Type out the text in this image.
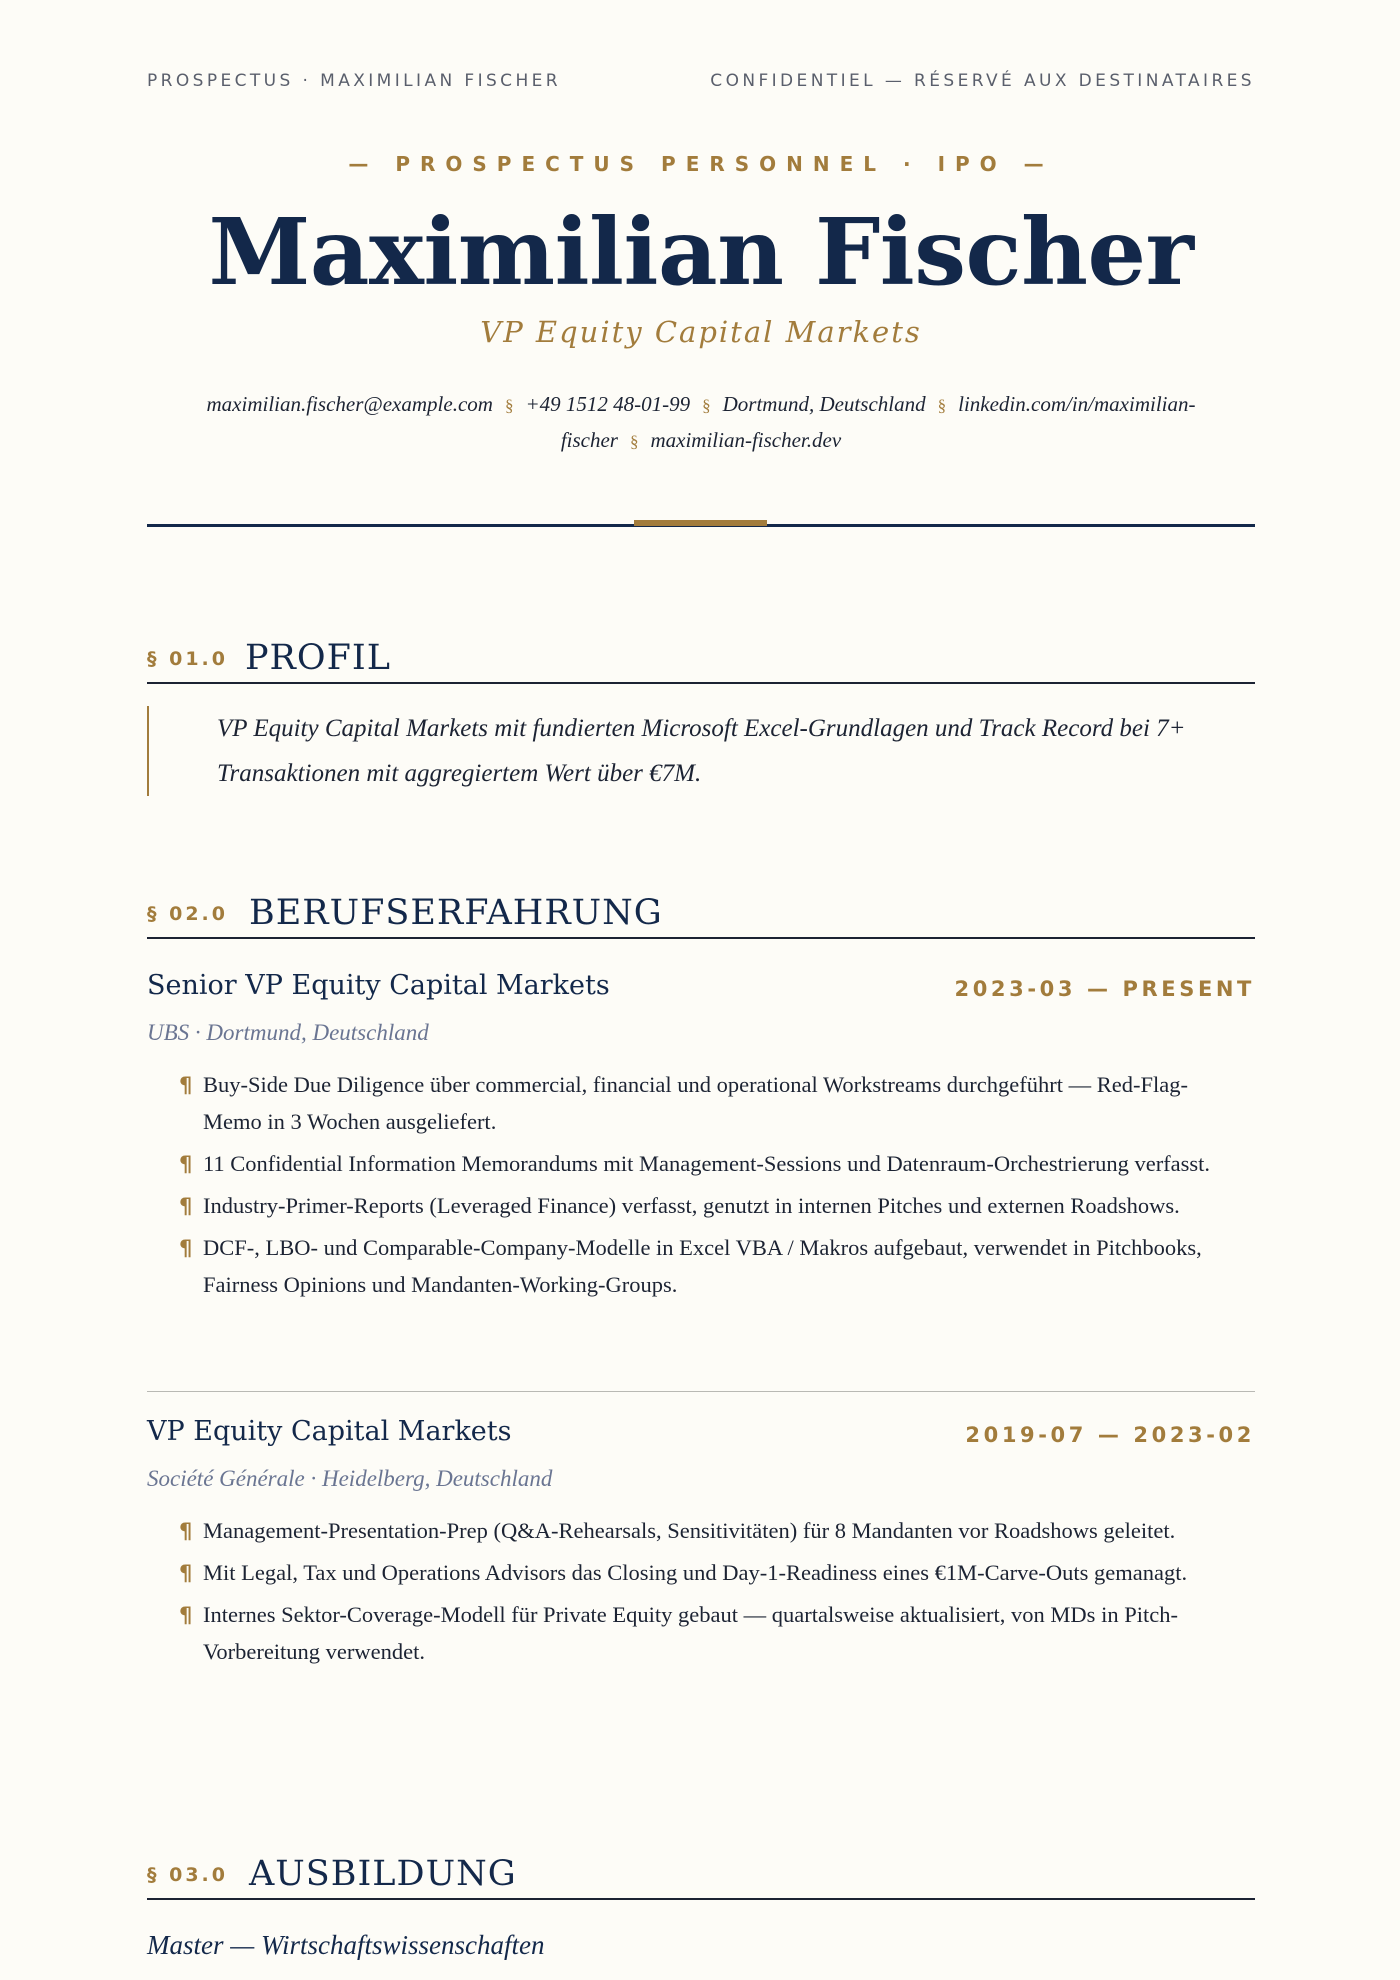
PROSPECTUS · MAXIMILIAN FISCHER	CONFIDENTIEL — RÉSERVÉ AUX DESTINATAIRES
— PROSPECTUS PERSONNEL · IPO —
Maximilian Fischer
VP Equity Capital Markets
maximilian.fischer@example.com § +49 1512 48-01-99 § Dortmund, Deutschland § linkedin.com/in/maximilian-fischer § maximilian-fischer.dev
§ 01.0 PROFIL

VP Equity Capital Markets mit fundierten Microsoft Excel-Grundlagen und Track Record bei 7+ Transaktionen mit aggregiertem Wert über €7M.

§ 02.0 BERUFSERFAHRUNG
Senior VP Equity Capital Markets	2023-03 — PRESENT
UBS · Dortmund, Deutschland
¶ Buy-Side Due Diligence über commercial, financial und operational Workstreams durchgeführt — Red-Flag-Memo in 3 Wochen ausgeliefert.
¶ 11 Confidential Information Memorandums mit Management-Sessions und Datenraum-Orchestrierung verfasst.
¶ Industry-Primer-Reports (Leveraged Finance) verfasst, genutzt in internen Pitches und externen Roadshows.
¶ DCF-, LBO- und Comparable-Company-Modelle in Excel VBA / Makros aufgebaut, verwendet in Pitchbooks, Fairness Opinions und Mandanten-Working-Groups.
VP Equity Capital Markets	2019-07 — 2023-02
Société Générale · Heidelberg, Deutschland
¶ Management-Presentation-Prep (Q&A-Rehearsals, Sensitivitäten) für 8 Mandanten vor Roadshows geleitet.
¶ Mit Legal, Tax und Operations Advisors das Closing und Day-1-Readiness eines €1M-Carve-Outs gemanagt.
¶ Internes Sektor-Coverage-Modell für Private Equity gebaut — quartalsweise aktualisiert, von MDs in Pitch-Vorbereitung verwendet.
§ 03.0 AUSBILDUNG
Master — Wirtschaftswissenschaften
